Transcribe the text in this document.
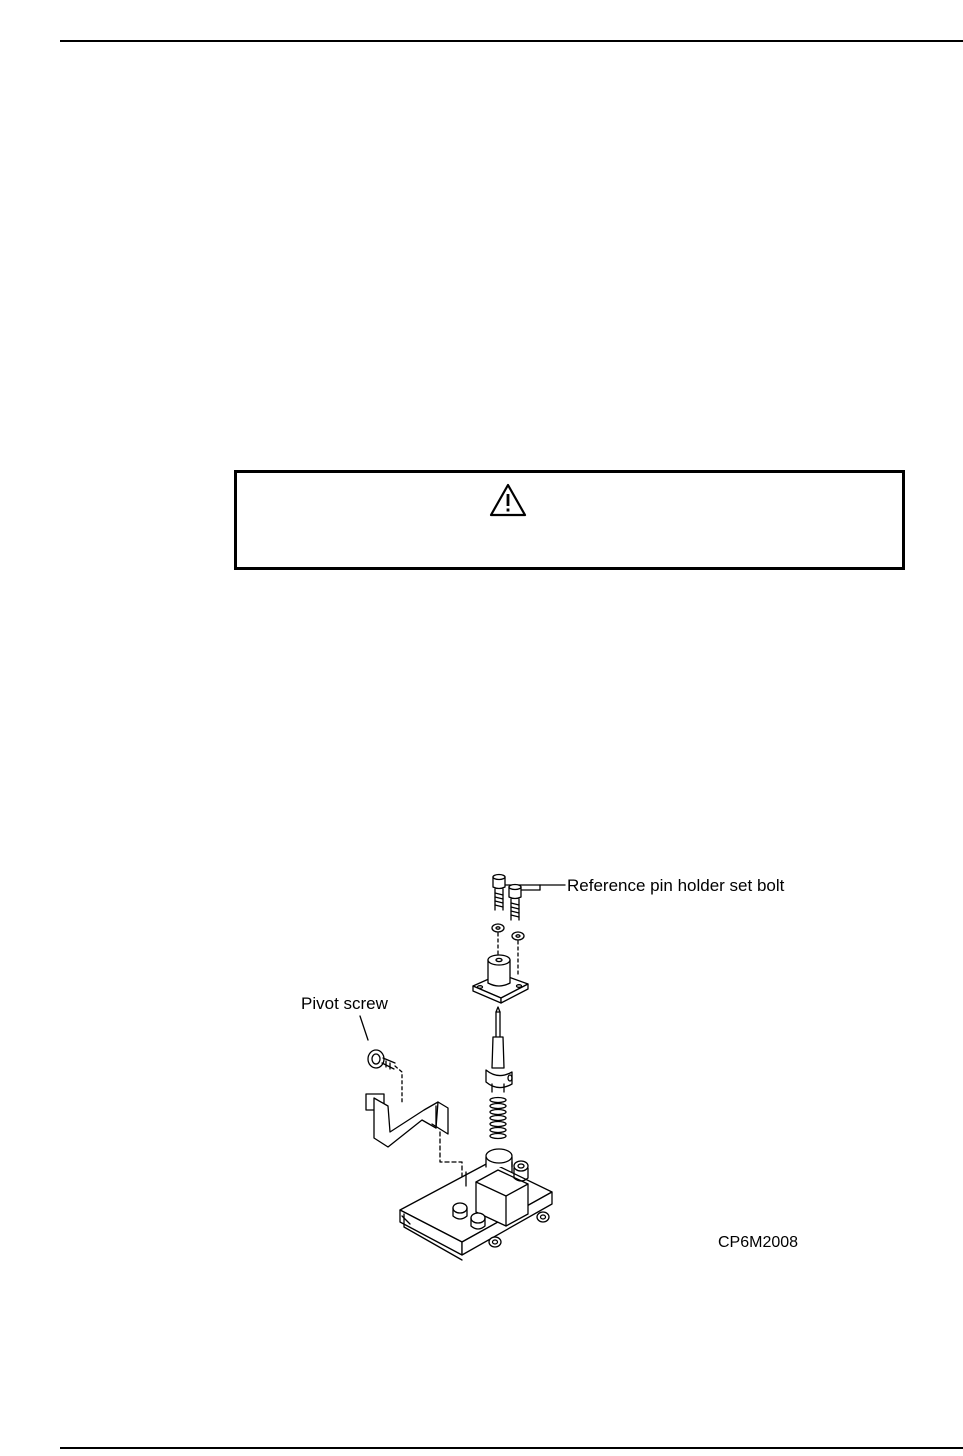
Reference pin holder set bolt
Pivot screw
CP6M2008
